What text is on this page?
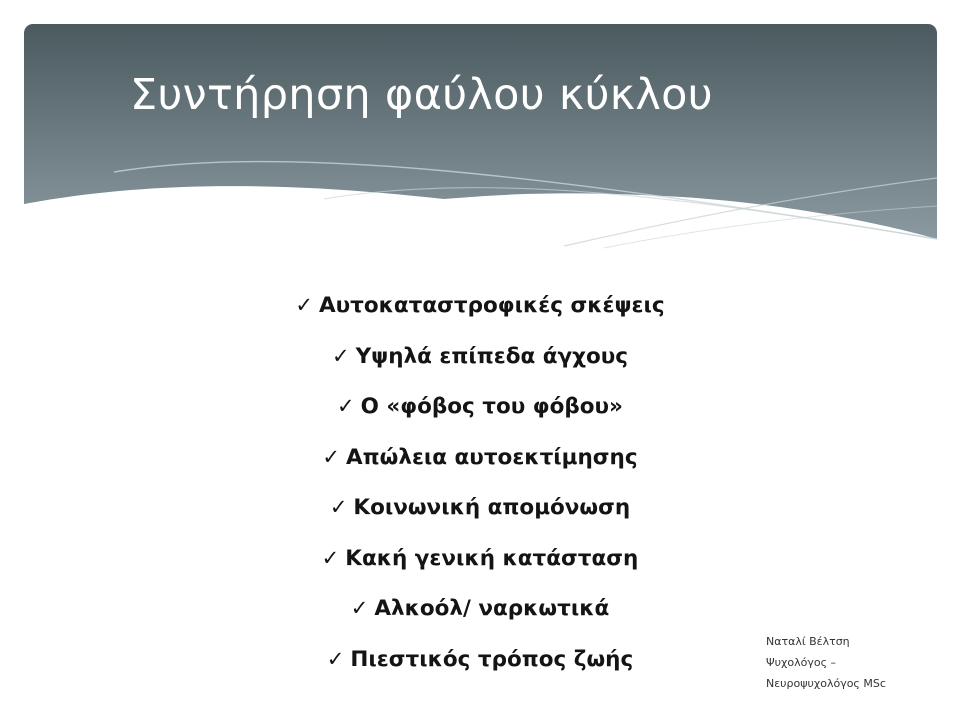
Συντήρηση φαύλου κύκλου
✓ Αυτοκαταστροφικές σκέψεις
✓ Υψηλά επίπεδα άγχους
✓ Ο «φόβος του φόβου»
✓ Απώλεια αυτοεκτίμησης
✓ Κοινωνική απομόνωση
✓ Κακή γενική κατάσταση
✓ Αλκοόλ/ ναρκωτικά
✓ Πιεστικός τρόπος ζωής
Ναταλί Βέλτση
Ψυχολόγος –
Νευροψυχολόγος MSc
